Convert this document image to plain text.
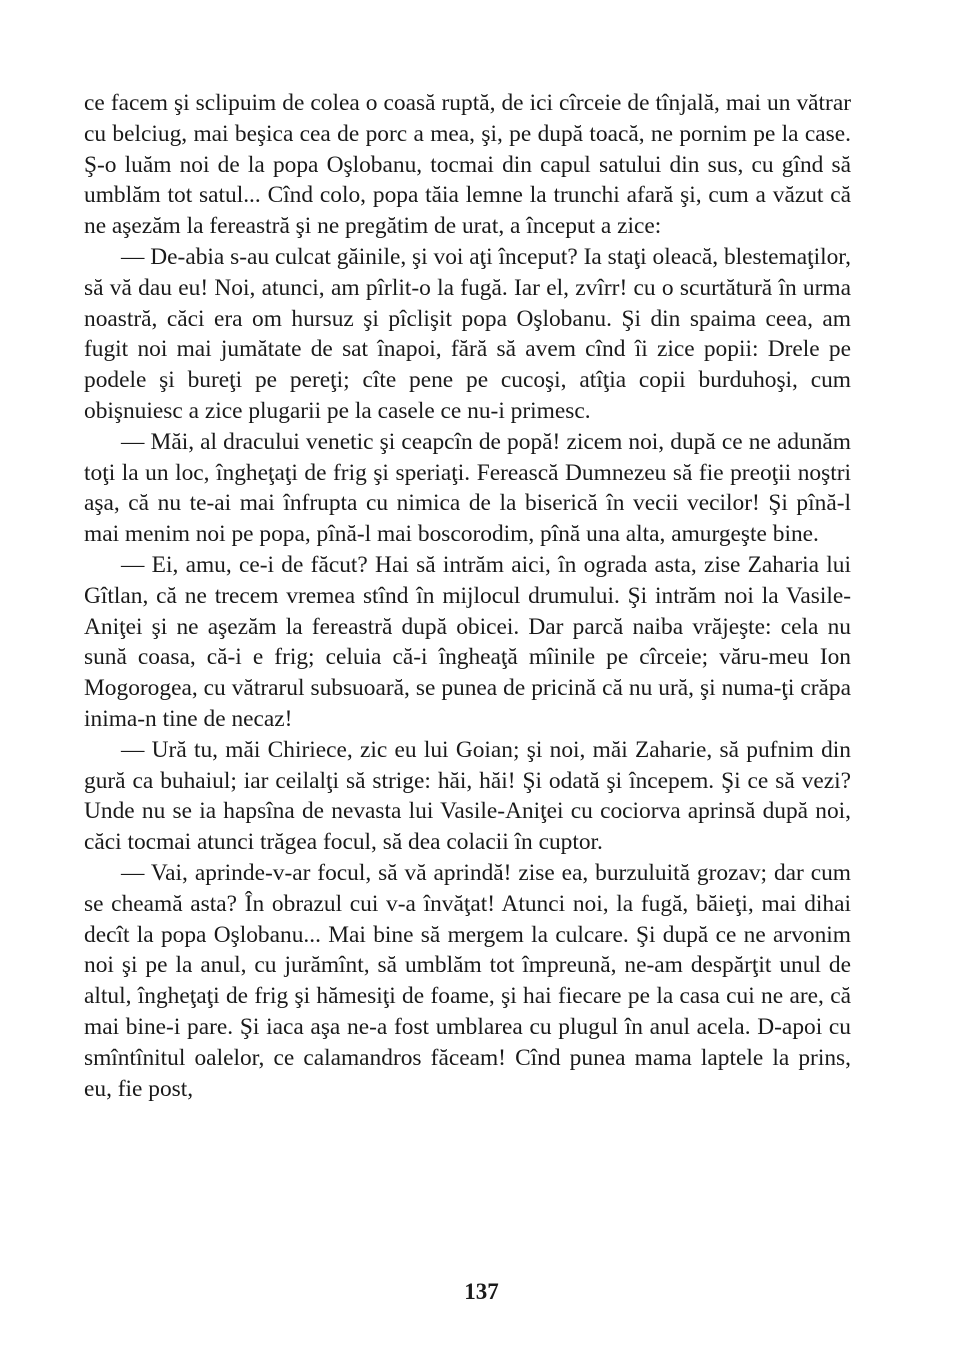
ce facem şi sclipuim de colea o coasă ruptă, de ici cîrceie de tînjală, mai un vătrar cu belciug, mai beşica cea de porc a mea, şi, pe după toacă, ne pornim pe la case. Ş-o luăm noi de la popa Oşlobanu, tocmai din capul satului din sus, cu gînd să umblăm tot satul... Cînd colo, popa tăia lemne la trunchi afară şi, cum a văzut că ne aşezăm la fereastră şi ne pregătim de urat, a început a zice:

— De-abia s-au culcat găinile, şi voi aţi început? Ia staţi oleacă, blestemaţilor, să vă dau eu! Noi, atunci, am pîrlit-o la fugă. Iar el, zvîrr! cu o scurtătură în urma noastră, căci era om hursuz şi pîclişit popa Oşlobanu. Şi din spaima ceea, am fugit noi mai jumătate de sat înapoi, fără să avem cînd îi zice popii: Drele pe podele şi bureţi pe pereţi; cîte pene pe cucoşi, atîţia copii burduhoşi, cum obişnuiesc a zice plugarii pe la casele ce nu-i primesc.

— Măi, al dracului venetic şi ceapcîn de popă! zicem noi, după ce ne adunăm toţi la un loc, îngheţaţi de frig şi speriaţi. Ferească Dumnezeu să fie preoţii noştri aşa, că nu te-ai mai înfrupta cu nimica de la biserică în vecii vecilor! Şi pînă-l mai menim noi pe popa, pînă-l mai boscorodim, pînă una alta, amurgeşte bine.

— Ei, amu, ce-i de făcut? Hai să intrăm aici, în ograda asta, zise Zaharia lui Gîtlan, că ne trecem vremea stînd în mijlocul drumului. Şi intrăm noi la Vasile-Aniţei şi ne aşezăm la fereastră după obicei. Dar parcă naiba vrăjeşte: cela nu sună coasa, că-i e frig; celuia că-i îngheaţă mîinile pe cîrceie; văru-meu Ion Mogorogea, cu vătrarul subsuoară, se punea de pricină că nu ură, şi numa-ţi crăpa inima-n tine de necaz!

— Ură tu, măi Chiriece, zic eu lui Goian; şi noi, măi Zaharie, să pufnim din gură ca buhaiul; iar ceilalţi să strige: hăi, hăi! Şi odată şi începem. Şi ce să vezi? Unde nu se ia hapsîna de nevasta lui Vasile-Aniţei cu cociorva aprinsă după noi, căci tocmai atunci trăgea focul, să dea colacii în cuptor.

— Vai, aprinde-v-ar focul, să vă aprindă! zise ea, burzuluită grozav; dar cum se cheamă asta? În obrazul cui v-a învăţat! Atunci noi, la fugă, băieţi, mai dihai decît la popa Oşlobanu... Mai bine să mergem la culcare. Şi după ce ne arvonim noi şi pe la anul, cu jurămînt, să umblăm tot împreună, ne-am despărţit unul de altul, îngheţaţi de frig şi hămesiţi de foame, şi hai fiecare pe la casa cui ne are, că mai bine-i pare. Şi iaca aşa ne-a fost umblarea cu plugul în anul acela. D-apoi cu smîntînitul oalelor, ce calamandros făceam! Cînd punea mama laptele la prins, eu, fie post,

137
